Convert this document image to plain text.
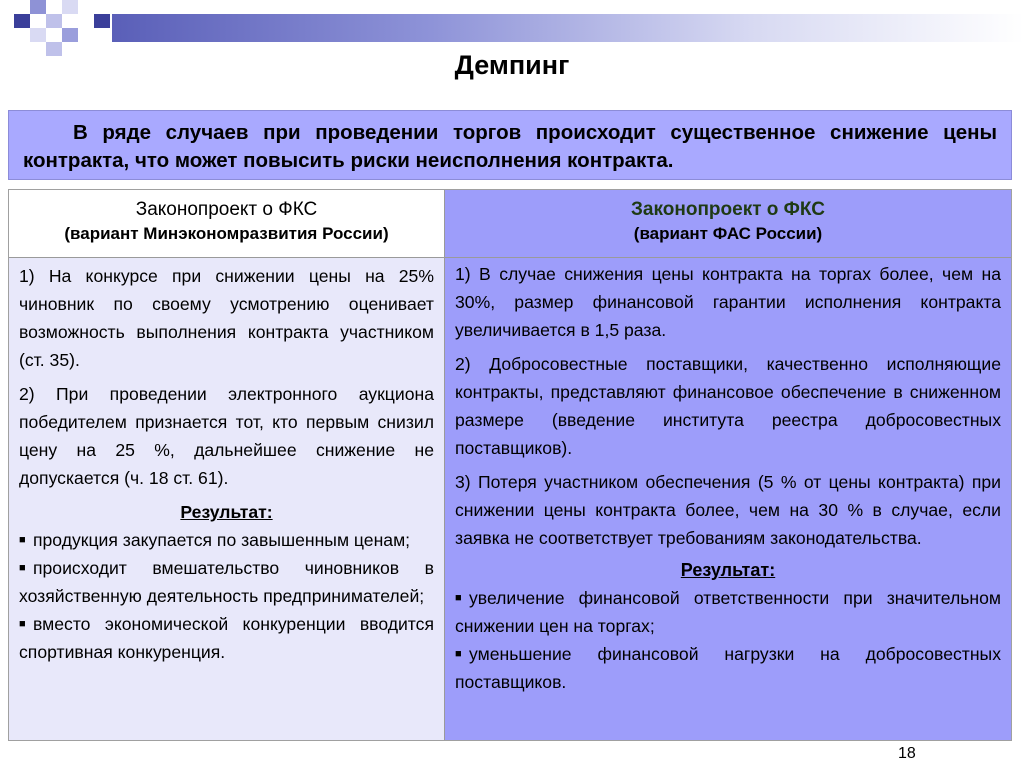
Демпинг
В ряде случаев при проведении торгов происходит существенное снижение цены контракта, что может повысить риски неисполнения контракта.
Законопроект о ФКС
(вариант Минэкономразвития России)
1) На конкурсе при снижении цены на 25% чиновник по своему усмотрению оценивает возможность выполнения контракта участником (ст. 35).
2) При проведении электронного аукциона победителем признается тот, кто первым снизил цену на 25 %, дальнейшее снижение не допускается (ч. 18 ст. 61).
Результат:
■ продукция закупается по завышенным ценам;
■ происходит вмешательство чиновников в хозяйственную деятельность предпринимателей;
■ вместо экономической конкуренции вводится спортивная конкуренция.
Законопроект о ФКС
(вариант ФАС России)
1) В случае снижения цены контракта на торгах более, чем на 30%, размер финансовой гарантии исполнения контракта увеличивается в 1,5 раза.
2) Добросовестные поставщики, качественно исполняющие контракты, представляют финансовое обеспечение в сниженном размере (введение института реестра добросовестных поставщиков).
3) Потеря участником обеспечения (5 % от цены контракта) при снижении цены контракта более, чем на 30 % в случае, если заявка не соответствует требованиям законодательства.
Результат:
■ увеличение финансовой ответственности при значительном снижении цен на торгах;
■ уменьшение финансовой нагрузки на добросовестных поставщиков.
18
